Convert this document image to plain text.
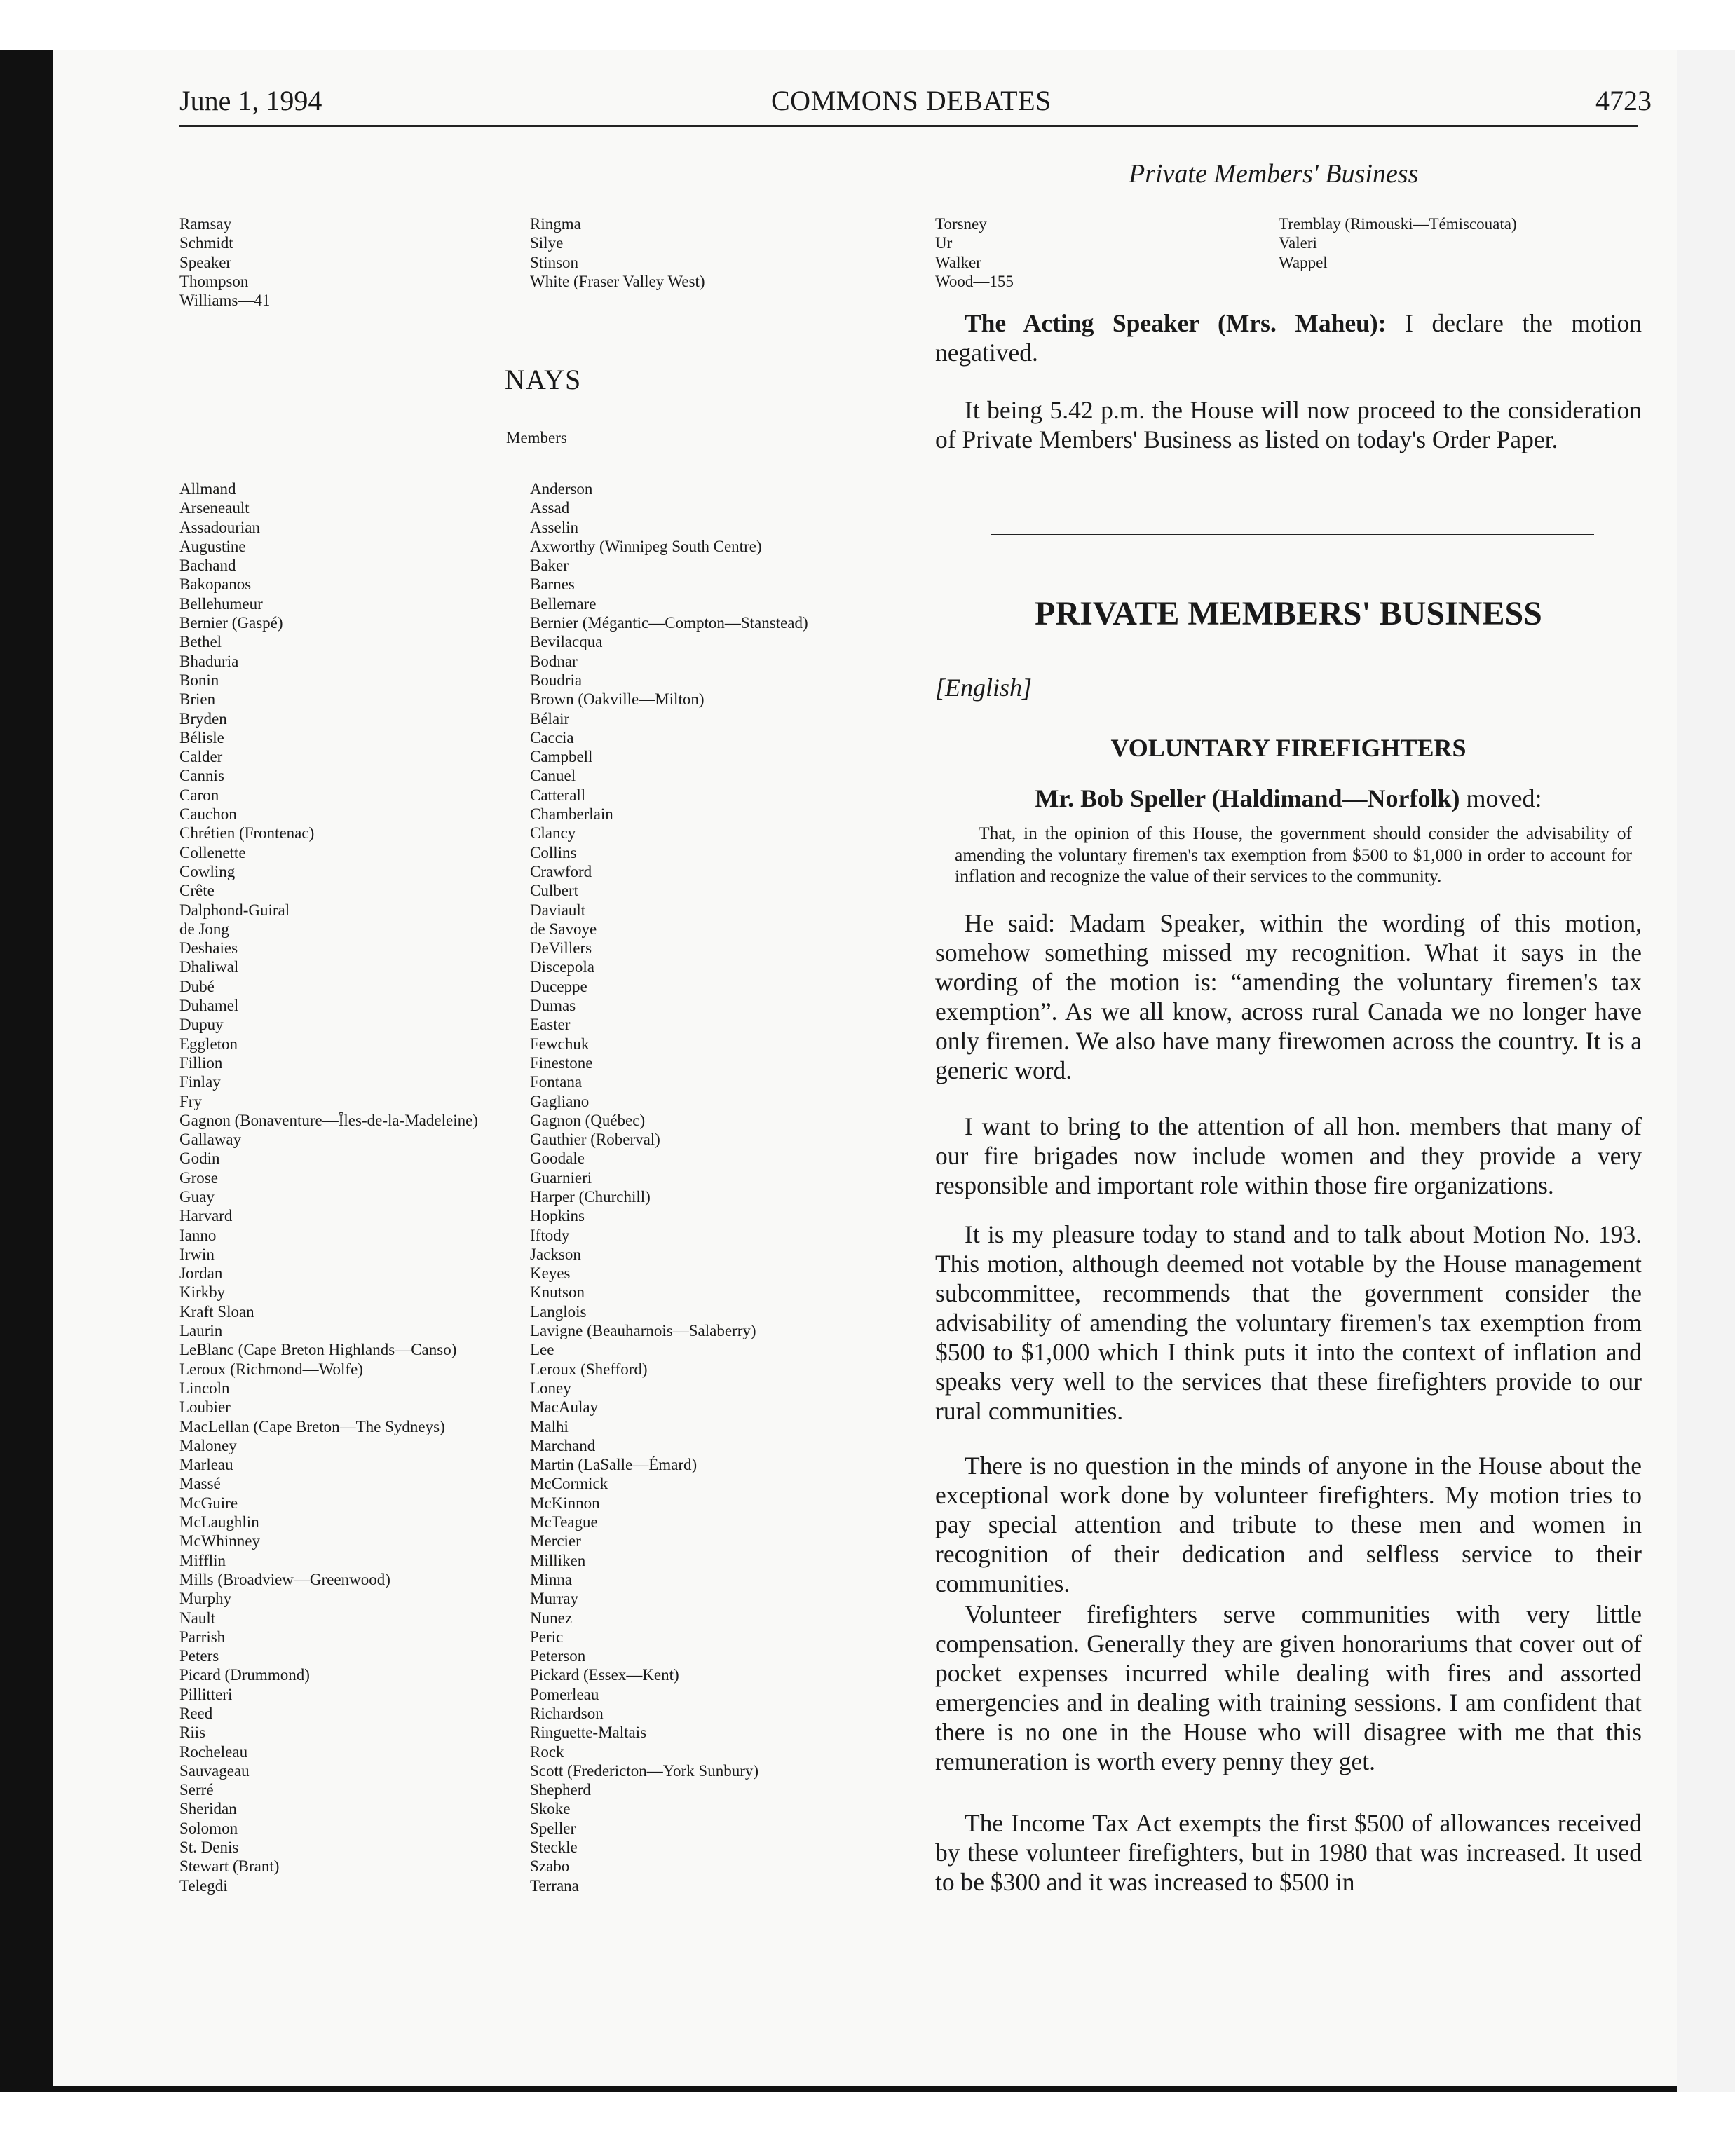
June 1, 1994	COMMONS DEBATES	4723
Private Members' Business
Ramsay
Schmidt
Speaker
Thompson
Williams—41
Ringma
Silye
Stinson
White (Fraser Valley West)
NAYS
Members
Allmand
Arseneault
Assadourian
Augustine
Bachand
Bakopanos
Bellehumeur
Bernier (Gaspé)
Bethel
Bhaduria
Bonin
Brien
Bryden
Bélisle
Calder
Cannis
Caron
Cauchon
Chrétien (Frontenac)
Collenette
Cowling
Crête
Dalphond-Guiral
de Jong
Deshaies
Dhaliwal
Dubé
Duhamel
Dupuy
Eggleton
Fillion
Finlay
Fry
Gagnon (Bonaventure—Îles-de-la-Madeleine)
Gallaway
Godin
Grose
Guay
Harvard
Ianno
Irwin
Jordan
Kirkby
Kraft Sloan
Laurin
LeBlanc (Cape Breton Highlands—Canso)
Leroux (Richmond—Wolfe)
Lincoln
Loubier
MacLellan (Cape Breton—The Sydneys)
Maloney
Marleau
Massé
McGuire
McLaughlin
McWhinney
Mifflin
Mills (Broadview—Greenwood)
Murphy
Nault
Parrish
Peters
Picard (Drummond)
Pillitteri
Reed
Riis
Rocheleau
Sauvageau
Serré
Sheridan
Solomon
St. Denis
Stewart (Brant)
Telegdi
Anderson
Assad
Asselin
Axworthy (Winnipeg South Centre)
Baker
Barnes
Bellemare
Bernier (Mégantic—Compton—Stanstead)
Bevilacqua
Bodnar
Boudria
Brown (Oakville—Milton)
Bélair
Caccia
Campbell
Canuel
Catterall
Chamberlain
Clancy
Collins
Crawford
Culbert
Daviault
de Savoye
DeVillers
Discepola
Duceppe
Dumas
Easter
Fewchuk
Finestone
Fontana
Gagliano
Gagnon (Québec)
Gauthier (Roberval)
Goodale
Guarnieri
Harper (Churchill)
Hopkins
Iftody
Jackson
Keyes
Knutson
Langlois
Lavigne (Beauharnois—Salaberry)
Lee
Leroux (Shefford)
Loney
MacAulay
Malhi
Marchand
Martin (LaSalle—Émard)
McCormick
McKinnon
McTeague
Mercier
Milliken
Minna
Murray
Nunez
Peric
Peterson
Pickard (Essex—Kent)
Pomerleau
Richardson
Ringuette-Maltais
Rock
Scott (Fredericton—York Sunbury)
Shepherd
Skoke
Speller
Steckle
Szabo
Terrana
Torsney
Ur
Walker
Wood—155
Tremblay (Rimouski—Témiscouata)
Valeri
Wappel

The Acting Speaker (Mrs. Maheu): I declare the motion negatived.

It being 5.42 p.m. the House will now proceed to the consideration of Private Members' Business as listed on today's Order Paper.

PRIVATE MEMBERS' BUSINESS
[English]
VOLUNTARY FIREFIGHTERS
Mr. Bob Speller (Haldimand—Norfolk) moved:

That, in the opinion of this House, the government should consider the advisability of amending the voluntary firemen's tax exemption from $500 to $1,000 in order to account for inflation and recognize the value of their services to the community.

He said: Madam Speaker, within the wording of this motion, somehow something missed my recognition. What it says in the wording of the motion is: “amending the voluntary firemen's tax exemption”. As we all know, across rural Canada we no longer have only firemen. We also have many firewomen across the country. It is a generic word.

I want to bring to the attention of all hon. members that many of our fire brigades now include women and they provide a very responsible and important role within those fire organizations.

It is my pleasure today to stand and to talk about Motion No. 193. This motion, although deemed not votable by the House management subcommittee, recommends that the government consider the advisability of amending the voluntary firemen's tax exemption from $500 to $1,000 which I think puts it into the context of inflation and speaks very well to the services that these firefighters provide to our rural communities.

There is no question in the minds of anyone in the House about the exceptional work done by volunteer firefighters. My motion tries to pay special attention and tribute to these men and women in recognition of their dedication and selfless service to their communities.

Volunteer firefighters serve communities with very little compensation. Generally they are given honorariums that cover out of pocket expenses incurred while dealing with fires and assorted emergencies and in dealing with training sessions. I am confident that there is no one in the House who will disagree with me that this remuneration is worth every penny they get.

The Income Tax Act exempts the first $500 of allowances received by these volunteer firefighters, but in 1980 that was increased. It used to be $300 and it was increased to $500 in
